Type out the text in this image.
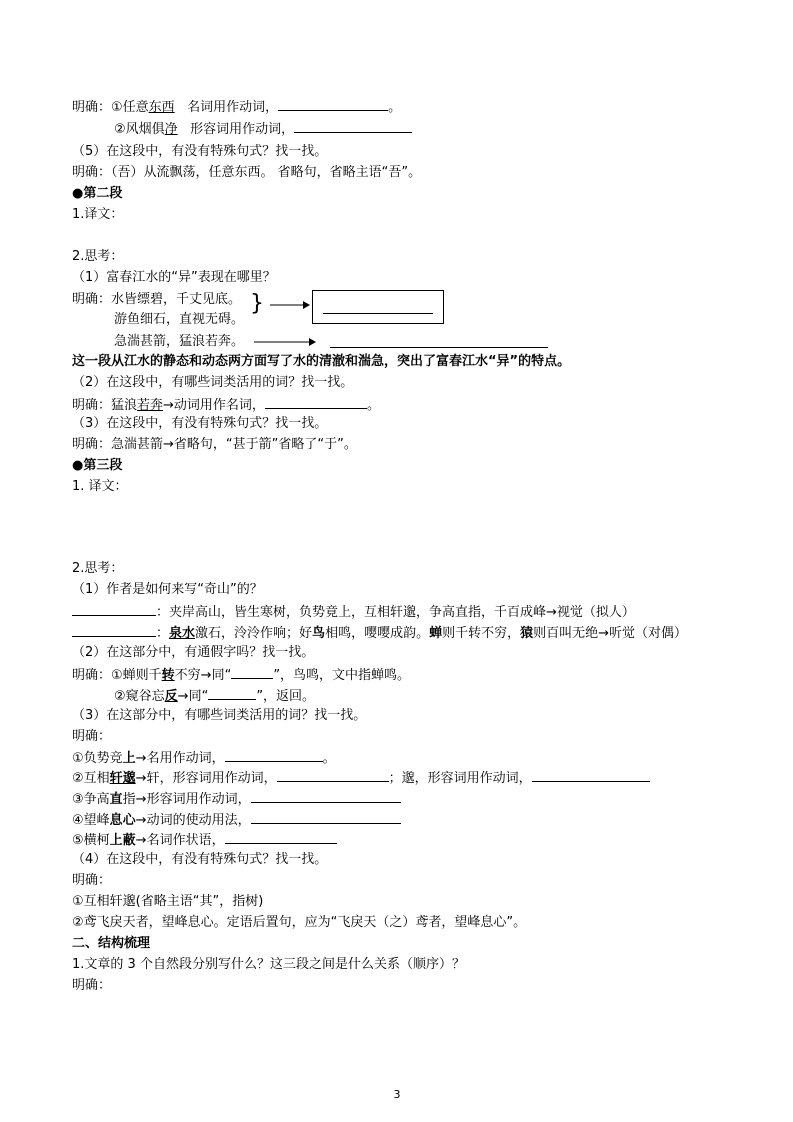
明确：①任意东西 名词用作动词，	。
②风烟俱净 形容词用作动词，
（5）在这段中，有没有特殊句式？找一找。
明确：（吾）从流飘荡，任意东西。 省略句，省略主语“吾”。
●第二段
1.译文：
2.思考：
（1）富春江水的“异”表现在哪里？
明确：水皆缥碧，千丈见底。
游鱼细石，直视无碍。
}
急湍甚箭，猛浪若奔。
这一段从江水的静态和动态两方面写了水的清澈和湍急，突出了富春江水“异”的特点。
（2）在这段中，有哪些词类活用的词？找一找。
明确：猛浪若奔→动词用作名词，	。
（3）在这段中，有没有特殊句式？找一找。
明确：急湍甚箭→省略句，“甚于箭”省略了“于”。
●第三段
1. 译文：
2.思考：
（1）作者是如何来写“奇山”的？
：夹岸高山，皆生寒树，负势竟上，互相轩邈，争高直指，千百成峰→视觉（拟人）
：泉水激石，泠泠作响；好鸟相鸣，嘤嘤成韵。蝉则千转不穷，猿则百叫无绝→听觉（对偶）
（2）在这部分中，有通假字吗？找一找。
明确：①蝉则千转不穷→同“	”，鸟鸣，文中指蝉鸣。
②窥谷忘反→同“	”，返回。
（3）在这部分中，有哪些词类活用的词？找一找。
明确：
①负势竞上→名用作动词，	。
②互相轩邈→轩，形容词用作动词，	；邈，形容词用作动词，
③争高直指→形容词用作动词，
④望峰息心→动词的使动用法，
⑤横柯上蔽→名词作状语，
（4）在这段中，有没有特殊句式？找一找。
明确：
①互相轩邈(省略主语“其”，指树)
②鸢飞戾天者，望峰息心。定语后置句，应为“飞戾天（之）鸢者，望峰息心”。
二、结构梳理
1.文章的 3 个自然段分别写什么？这三段之间是什么关系（顺序）？
明确：
3
